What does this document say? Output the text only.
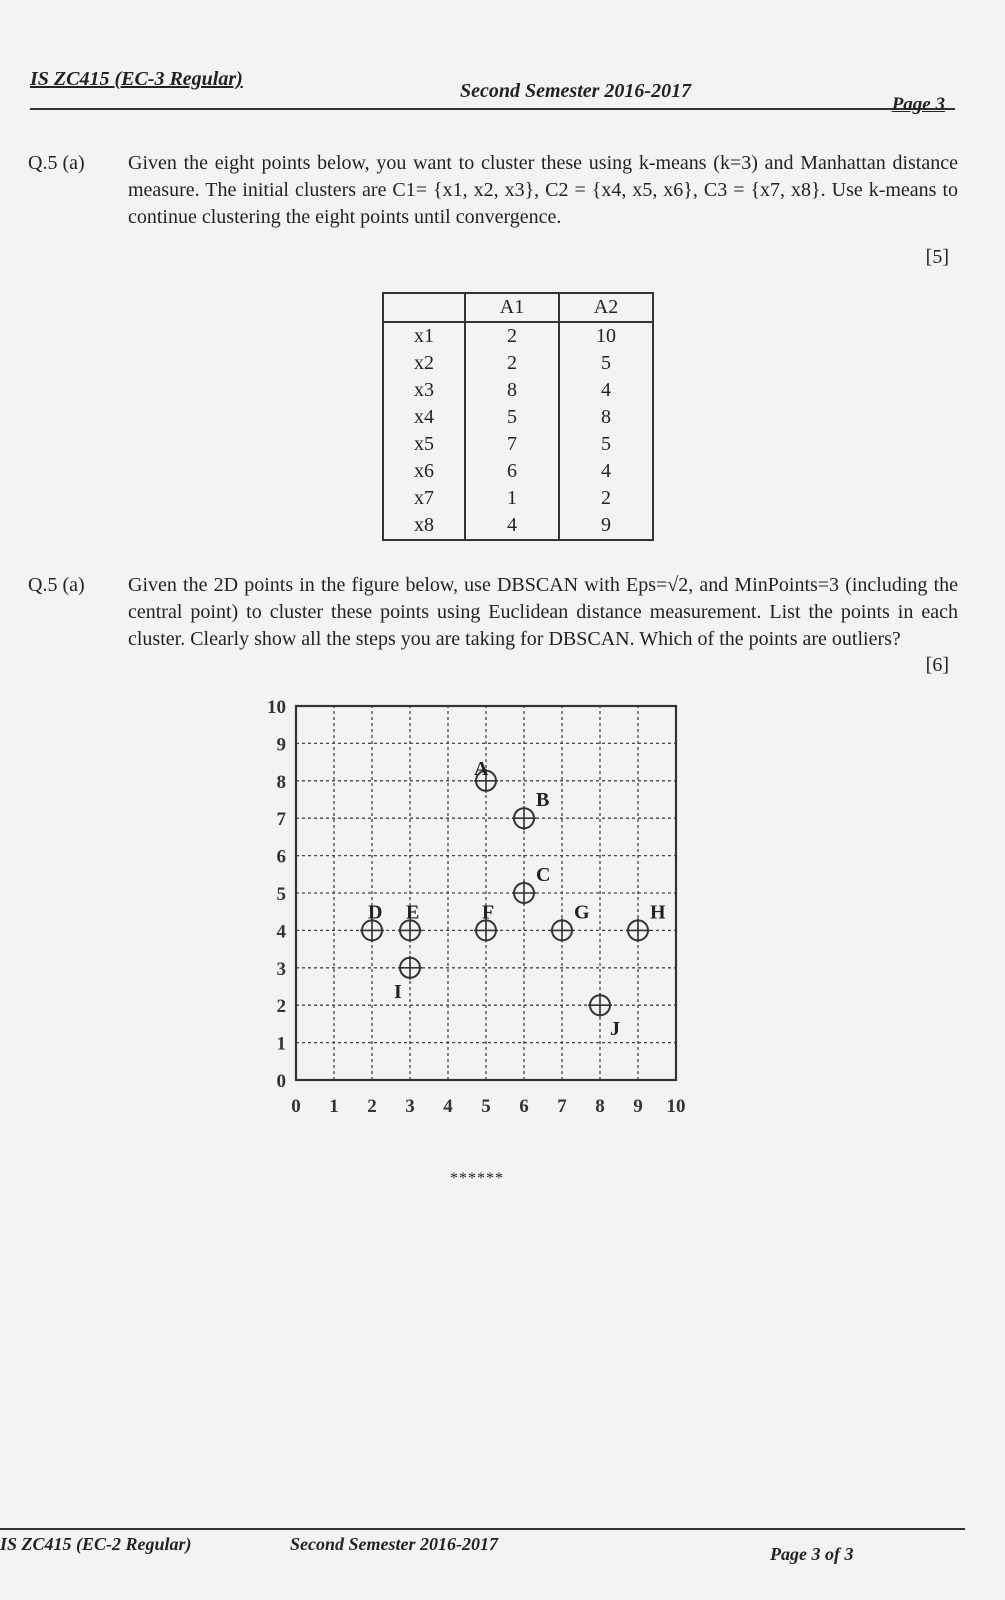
IS ZC415 (EC-3 Regular)
Second Semester 2016-2017
Page 3
Q.5 (a) Given the eight points below, you want to cluster these using k-means (k=3) and Manhattan distance measure. The initial clusters are C1= {x1, x2, x3}, C2 = {x4, x5, x6}, C3 = {x7, x8}. Use k-means to continue clustering the eight points until convergence.
[5]
	A1	A2
x1	2	10
x2	2	5
x3	8	4
x4	5	8
x5	7	5
x6	6	4
x7	1	2
x8	4	9
Q.5 (a) Given the 2D points in the figure below, use DBSCAN with Eps=√2, and MinPoints=3 (including the central point) to cluster these points using Euclidean distance measurement. List the points in each cluster. Clearly show all the steps you are taking for DBSCAN. Which of the points are outliers?
[6]
0 1 2 3 4 5 6 7 8 9 10
0
1
2
3
4
5
6
7
8
9
10
A
B
C
D E	F	G	H
I
J
******
IS ZC415 (EC-2 Regular)	Second Semester 2016-2017	Page 3 of 3
